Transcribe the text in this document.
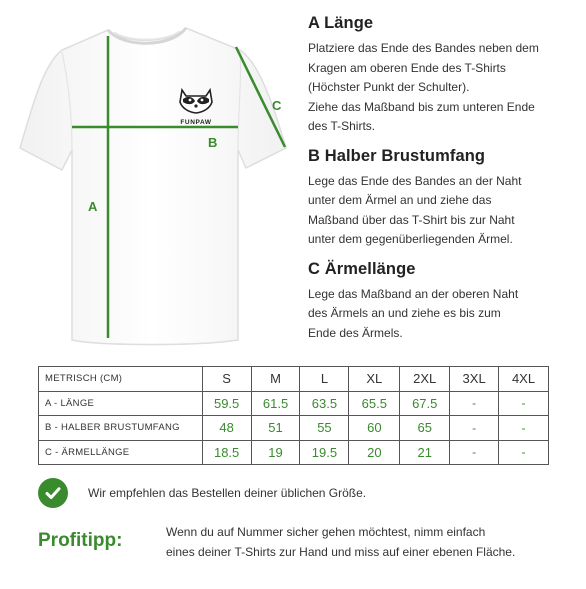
FUNPAW
A
B
C
A Länge

Platziere das Ende des Bandes neben dem
Kragen am oberen Ende des T-Shirts
(Höchster Punkt der Schulter).
Ziehe das Maßband bis zum unteren Ende
des T-Shirts.

B Halber Brustumfang

Lege das Ende des Bandes an der Naht
unter dem Ärmel an und ziehe das
Maßband über das T-Shirt bis zur Naht
unter dem gegenüberliegenden Ärmel.

C Ärmellänge

Lege das Maßband an der oberen Naht
des Ärmels an und ziehe es bis zum
Ende des Ärmels.

METRISCH (CM)	S	M	L	XL	2XL	3XL	4XL
A - LÄNGE	59.5	61.5	63.5	65.5	67.5	-	-
B - HALBER BRUSTUMFANG	48	51	55	60	65	-	-
C - ÄRMELLÄNGE	18.5	19	19.5	20	21	-	-
Wir empfehlen das Bestellen deiner üblichen Größe.
Profitipp:	Wenn du auf Nummer sicher gehen möchtest, nimm einfach
eines deiner T-Shirts zur Hand und miss auf einer ebenen Fläche.
